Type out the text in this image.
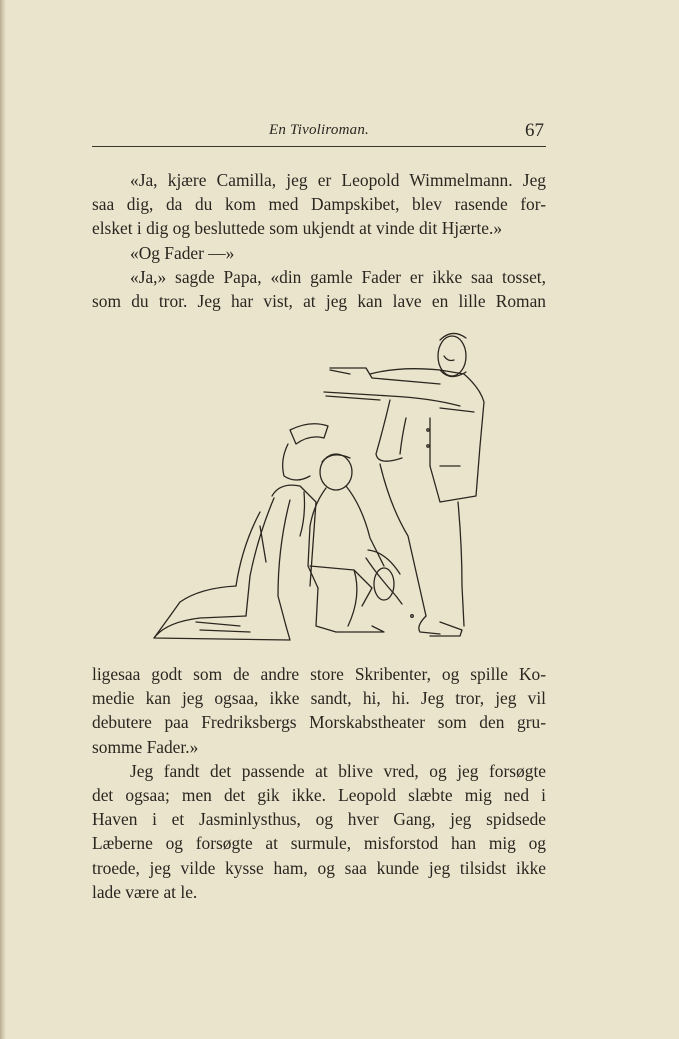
En Tivoliroman.	67
«Ja, kjære Camilla, jeg er Leopold Wimmelmann. Jeg
saa dig, da du kom med Dampskibet, blev rasende for-
elsket i dig og besluttede som ukjendt at vinde dit Hjærte.»
«Og Fader —»
«Ja,» sagde Papa, «din gamle Fader er ikke saa tosset,
som du tror. Jeg har vist, at jeg kan lave en lille Roman
ligesaa godt som de andre store Skribenter, og spille Ko-
medie kan jeg ogsaa, ikke sandt, hi, hi. Jeg tror, jeg vil
debutere paa Fredriksbergs Morskabstheater som den gru-
somme Fader.»
Jeg fandt det passende at blive vred, og jeg forsøgte
det ogsaa; men det gik ikke. Leopold slæbte mig ned i
Haven i et Jasminlysthus, og hver Gang, jeg spidsede
Læberne og forsøgte at surmule, misforstod han mig og
troede, jeg vilde kysse ham, og saa kunde jeg tilsidst ikke
lade være at le.
